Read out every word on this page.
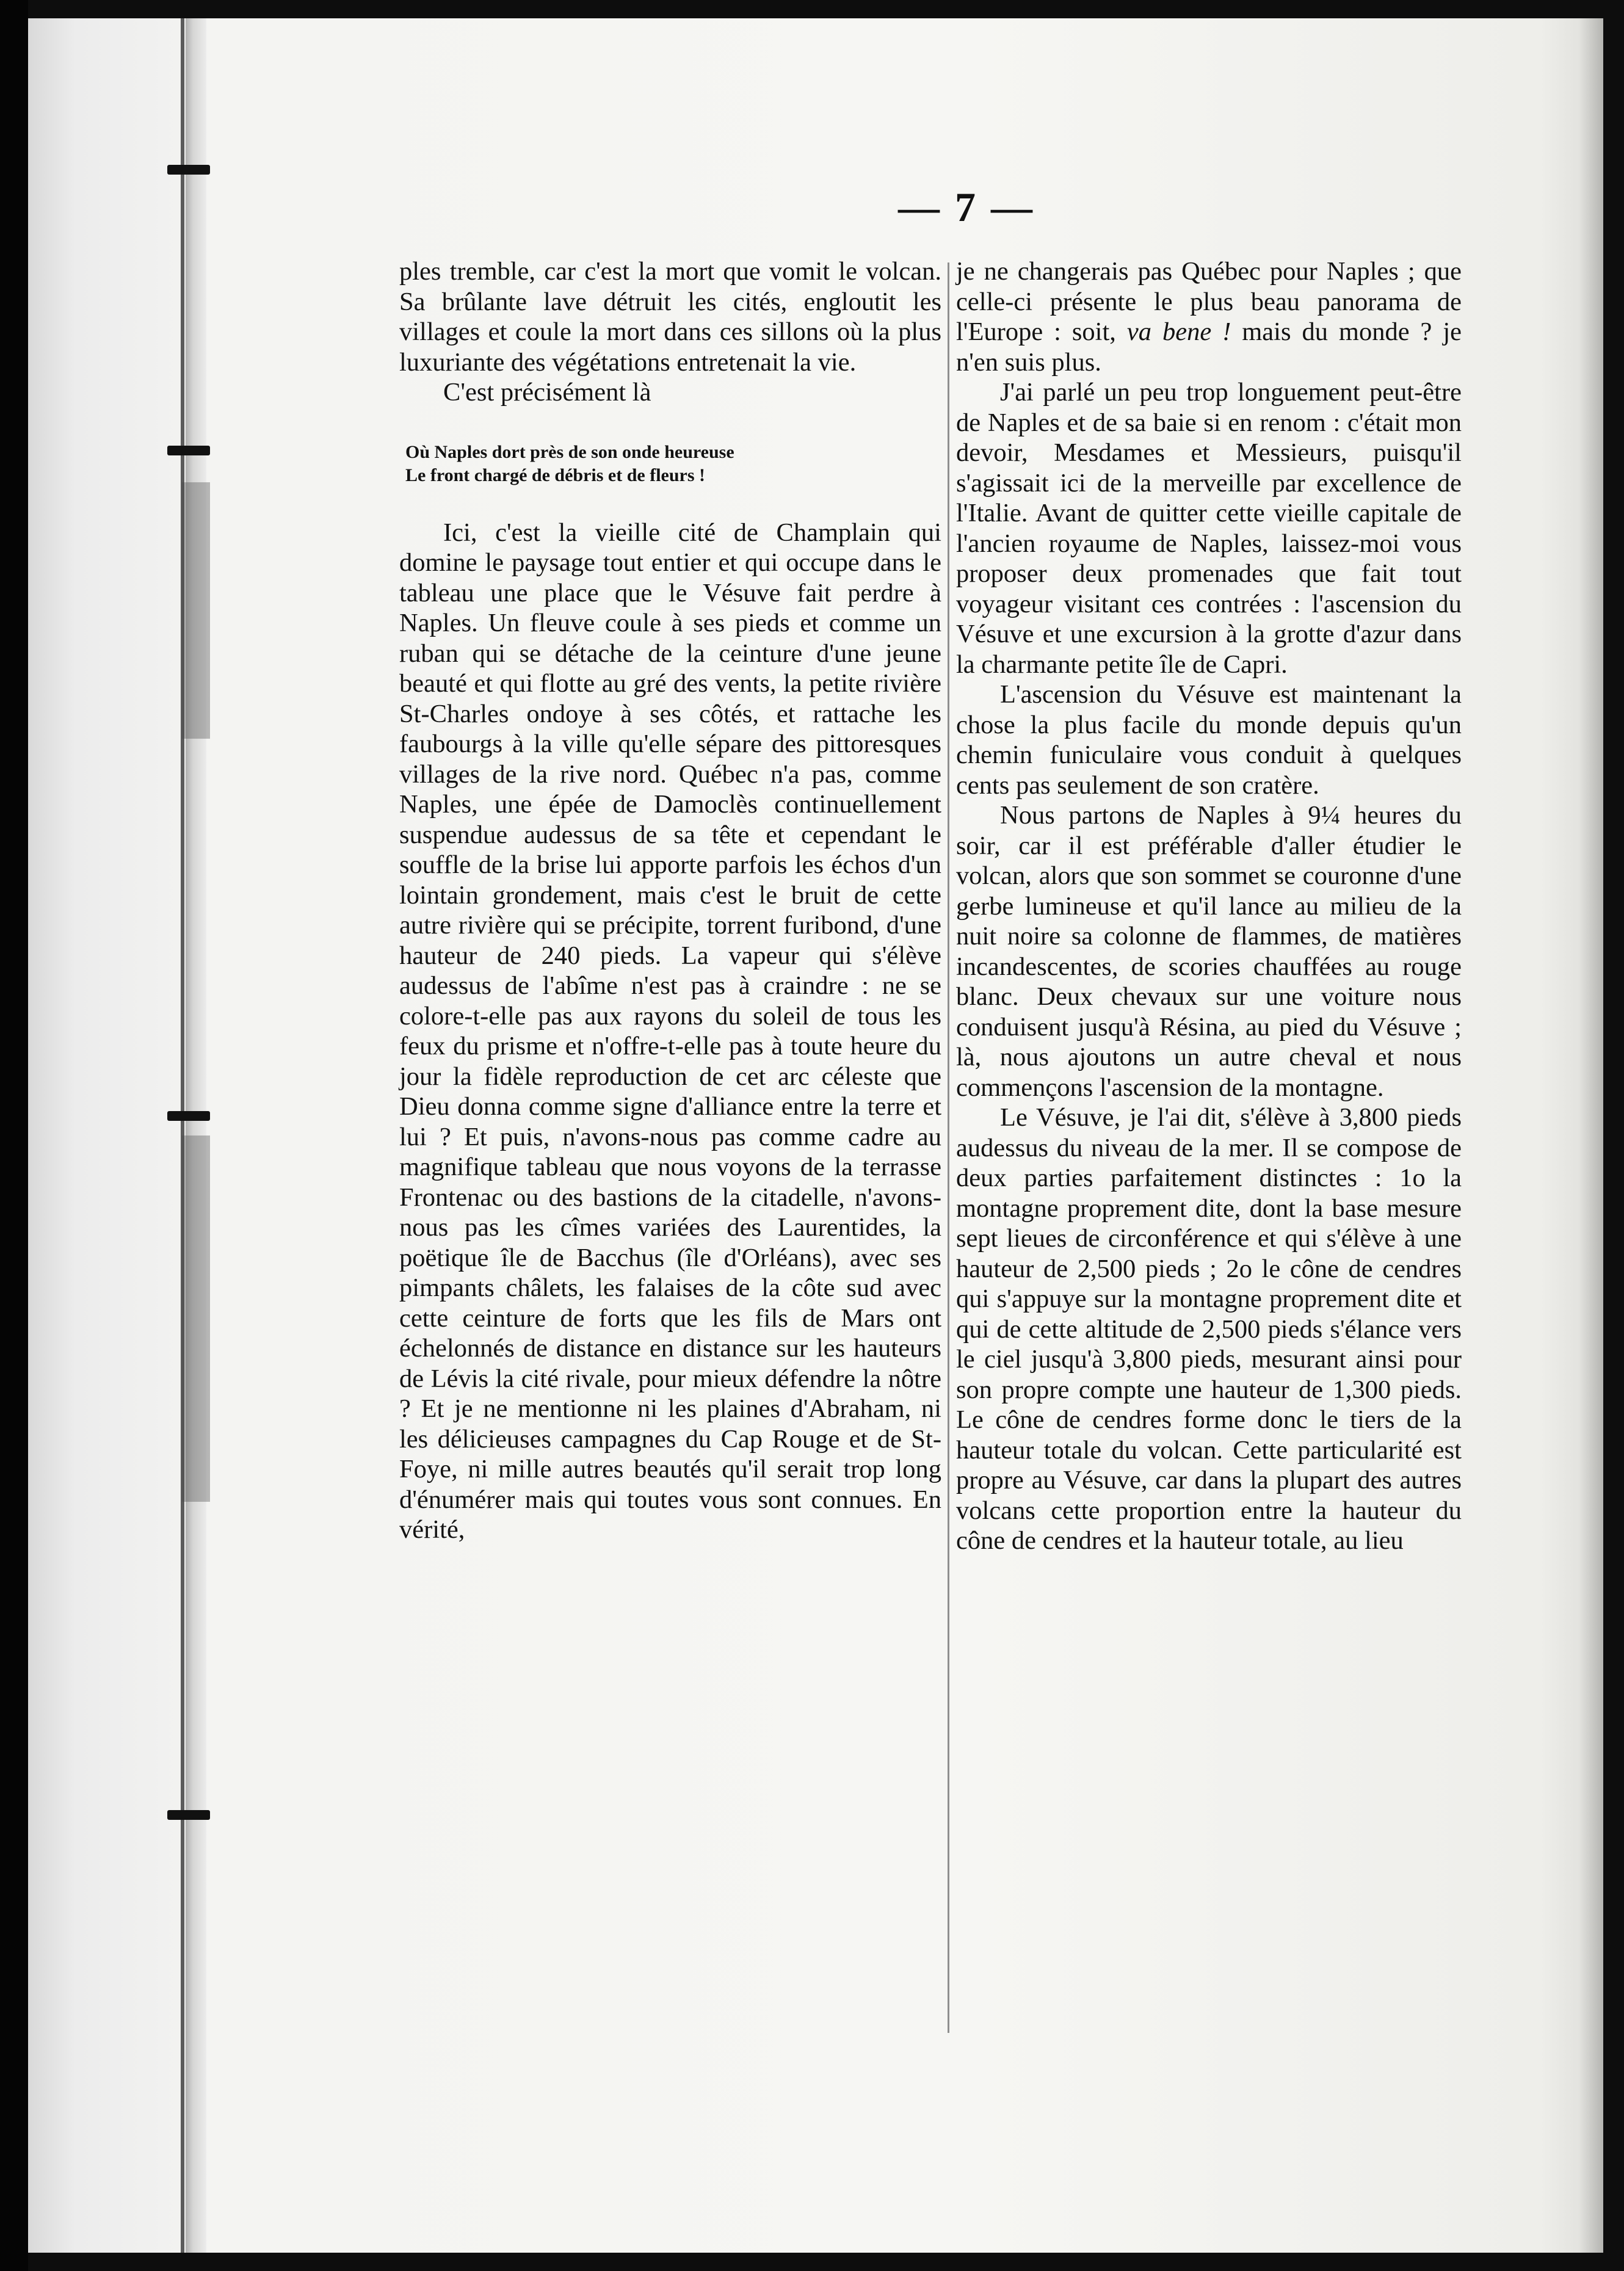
— 7 —

ples tremble, car c'est la mort que vomit le volcan. Sa brûlante lave détruit les cités, engloutit les villages et coule la mort dans ces sillons où la plus luxuriante des végétations entretenait la vie.

C'est précisément là

Où Naples dort près de son onde heureuse
Le front chargé de débris et de fleurs !

Ici, c'est la vieille cité de Champlain qui domine le paysage tout entier et qui occupe dans le tableau une place que le Vésuve fait perdre à Naples. Un fleuve coule à ses pieds et comme un ruban qui se détache de la ceinture d'une jeune beauté et qui flotte au gré des vents, la petite rivière St-Charles ondoye à ses côtés, et rattache les faubourgs à la ville qu'elle sépare des pittoresques villages de la rive nord. Québec n'a pas, comme Naples, une épée de Damoclès continuellement suspendue audessus de sa tête et cependant le souffle de la brise lui apporte parfois les échos d'un lointain grondement, mais c'est le bruit de cette autre rivière qui se précipite, torrent furibond, d'une hauteur de 240 pieds. La vapeur qui s'élève audessus de l'abîme n'est pas à craindre : ne se colore-t-elle pas aux rayons du soleil de tous les feux du prisme et n'offre-t-elle pas à toute heure du jour la fidèle reproduction de cet arc céleste que Dieu donna comme signe d'alliance entre la terre et lui ? Et puis, n'avons-nous pas comme cadre au magnifique tableau que nous voyons de la terrasse Frontenac ou des bastions de la citadelle, n'avons-nous pas les cîmes variées des Laurentides, la poëtique île de Bacchus (île d'Orléans), avec ses pimpants châlets, les falaises de la côte sud avec cette ceinture de forts que les fils de Mars ont échelonnés de distance en distance sur les hauteurs de Lévis la cité rivale, pour mieux défendre la nôtre ? Et je ne mentionne ni les plaines d'Abraham, ni les délicieuses campagnes du Cap Rouge et de St-Foye, ni mille autres beautés qu'il serait trop long d'énumérer mais qui toutes vous sont connues. En vérité,

je ne changerais pas Québec pour Naples ; que celle-ci présente le plus beau panorama de l'Europe : soit, va bene ! mais du monde ? je n'en suis plus.

J'ai parlé un peu trop longuement peut-être de Naples et de sa baie si en renom : c'était mon devoir, Mesdames et Messieurs, puisqu'il s'agissait ici de la merveille par excellence de l'Italie. Avant de quitter cette vieille capitale de l'ancien royaume de Naples, laissez-moi vous proposer deux promenades que fait tout voyageur visitant ces contrées : l'ascension du Vésuve et une excursion à la grotte d'azur dans la charmante petite île de Capri.

L'ascension du Vésuve est maintenant la chose la plus facile du monde depuis qu'un chemin funiculaire vous conduit à quelques cents pas seulement de son cratère.

Nous partons de Naples à 9¼ heures du soir, car il est préférable d'aller étudier le volcan, alors que son sommet se couronne d'une gerbe lumineuse et qu'il lance au milieu de la nuit noire sa colonne de flammes, de matières incandescentes, de scories chauffées au rouge blanc. Deux chevaux sur une voiture nous conduisent jusqu'à Résina, au pied du Vésuve ; là, nous ajoutons un autre cheval et nous commençons l'ascension de la montagne.

Le Vésuve, je l'ai dit, s'élève à 3,800 pieds audessus du niveau de la mer. Il se compose de deux parties parfaitement distinctes : 1o la montagne proprement dite, dont la base mesure sept lieues de circonférence et qui s'élève à une hauteur de 2,500 pieds ; 2o le cône de cendres qui s'appuye sur la montagne proprement dite et qui de cette altitude de 2,500 pieds s'élance vers le ciel jusqu'à 3,800 pieds, mesurant ainsi pour son propre compte une hauteur de 1,300 pieds. Le cône de cendres forme donc le tiers de la hauteur totale du volcan. Cette particularité est propre au Vésuve, car dans la plupart des autres volcans cette proportion entre la hauteur du cône de cendres et la hauteur totale, au lieu
